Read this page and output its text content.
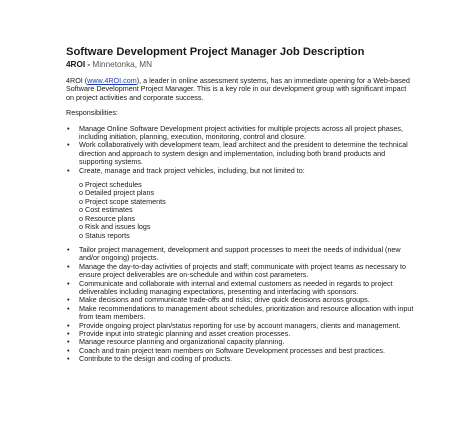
Software Development Project Manager Job Description
4ROI - Minnetonka, MN

4ROI (www.4ROI.com), a leader in online assessment systems, has an immediate opening for a Web-based Software Development Project Manager. This is a key role in our development group with significant impact on project activities and corporate success.

Responsibilities:

• Manage Online Software Development project activities for multiple projects across all project phases, including initiation, planning, execution, monitoring, control and closure.
• Work collaboratively with development team, lead architect and the president to determine the technical direction and approach to system design and implementation, including both brand products and supporting systems.
• Create, manage and track project vehicles, including, but not limited to:
o Project schedules
o Detailed project plans
o Project scope statements
o Cost estimates
o Resource plans
o Risk and issues logs
o Status reports
• Tailor project management, development and support processes to meet the needs of individual (new and/or ongoing) projects.
• Manage the day-to-day activities of projects and staff; communicate with project teams as necessary to ensure project deliverables are on-schedule and within cost parameters.
• Communicate and collaborate with internal and external customers as needed in regards to project deliverables including managing expectations, presenting and interfacing with sponsors.
• Make decisions and communicate trade-offs and risks; drive quick decisions across groups.
• Make recommendations to management about schedules, prioritization and resource allocation with input from team members.
• Provide ongoing project plan/status reporting for use by account managers, clients and management.
• Provide input into strategic planning and asset creation processes.
• Manage resource planning and organizational capacity planning.
• Coach and train project team members on Software Development processes and best practices.
• Contribute to the design and coding of products.
